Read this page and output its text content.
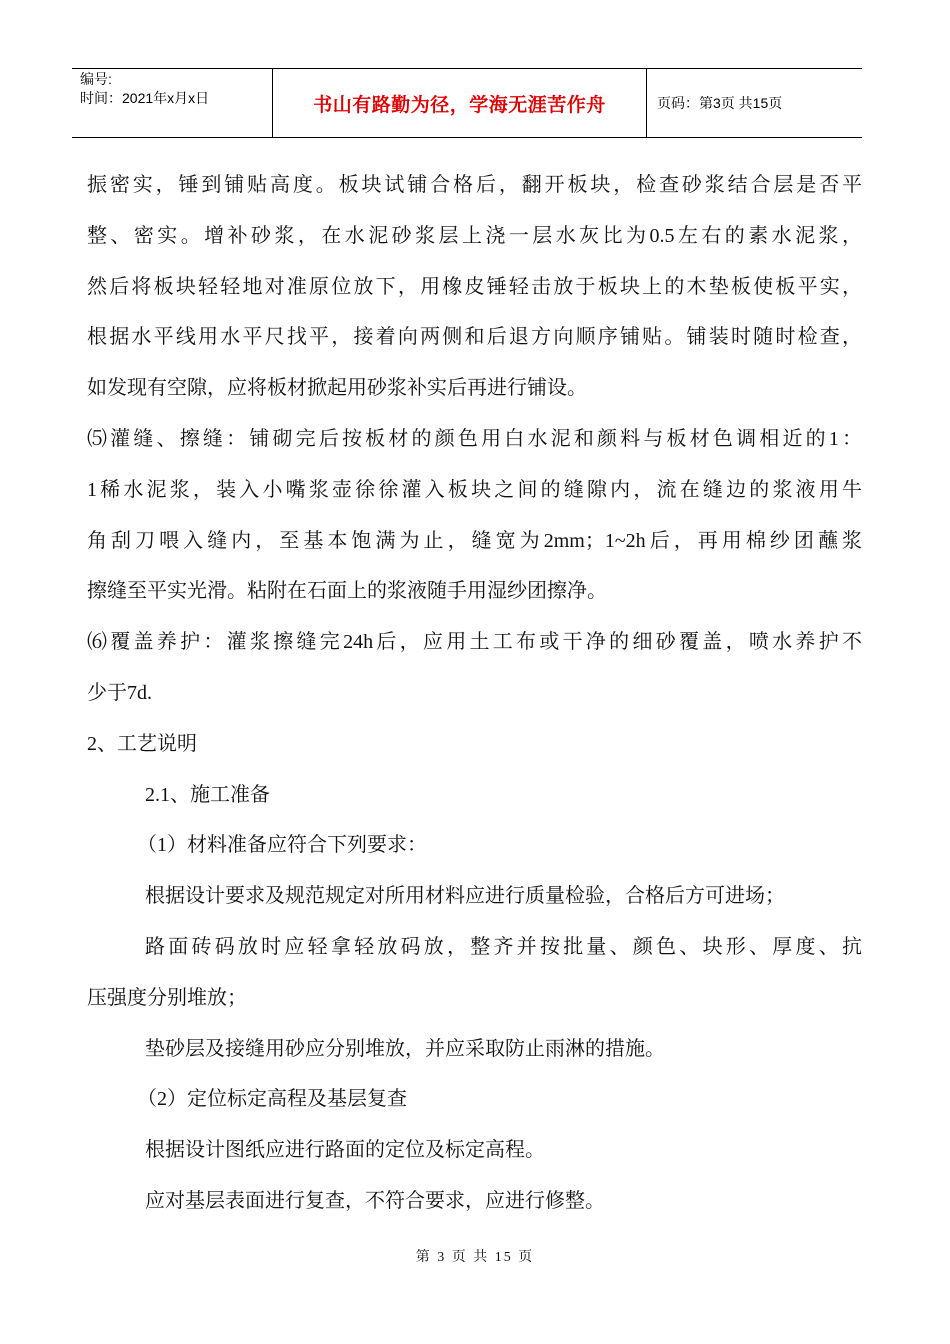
编号:
时间：2021年x月x日	书山有路勤为径，学海无涯苦作舟	页码：第3页 共15页
振密实，锤到铺贴高度。板块试铺合格后，翻开板块，检查砂浆结合层是否平
整、密实。增补砂浆，在水泥砂浆层上浇一层水灰比为0.5左右的素水泥浆，
然后将板块轻轻地对准原位放下，用橡皮锤轻击放于板块上的木垫板使板平实，
根据水平线用水平尺找平，接着向两侧和后退方向顺序铺贴。铺装时随时检查，
如发现有空隙，应将板材掀起用砂浆补实后再进行铺设。
⑸灌缝、擦缝：铺砌完后按板材的颜色用白水泥和颜料与板材色调相近的1：
1稀水泥浆，装入小嘴浆壶徐徐灌入板块之间的缝隙内，流在缝边的浆液用牛
角刮刀喂入缝内，至基本饱满为止，缝宽为2mm；1~2h后，再用棉纱团蘸浆
擦缝至平实光滑。粘附在石面上的浆液随手用湿纱团擦净。
⑹覆盖养护：灌浆擦缝完24h后，应用土工布或干净的细砂覆盖，喷水养护不
少于7d.
2、工艺说明
2.1、施工准备
（1）材料准备应符合下列要求：
根据设计要求及规范规定对所用材料应进行质量检验，合格后方可进场；
路面砖码放时应轻拿轻放码放，整齐并按批量、颜色、块形、厚度、抗
压强度分别堆放；
垫砂层及接缝用砂应分别堆放，并应采取防止雨淋的措施。
（2）定位标定高程及基层复查
根据设计图纸应进行路面的定位及标定高程。
应对基层表面进行复查，不符合要求，应进行修整。
第 3 页 共 15 页
